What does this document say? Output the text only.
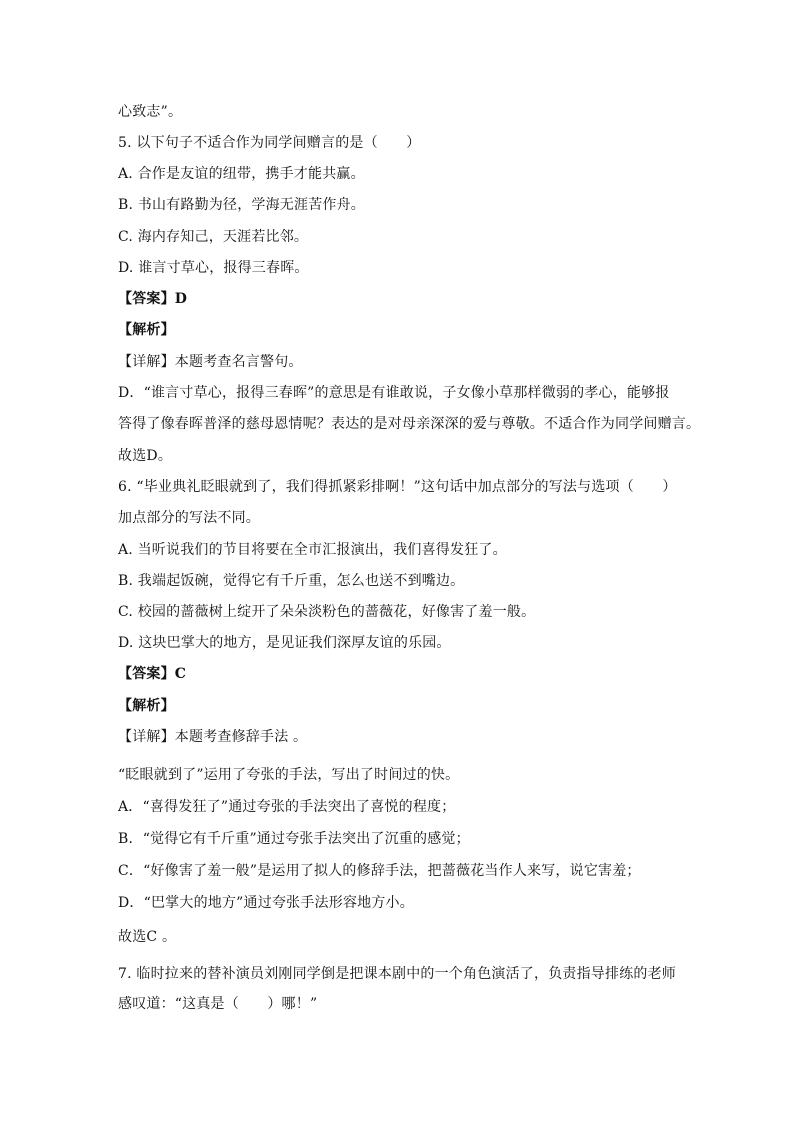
心致志”。
5. 以下句子不适合作为同学间赠言的是（　　）
A. 合作是友谊的纽带，携手才能共赢。
B. 书山有路勤为径，学海无涯苦作舟。
C. 海内存知己，天涯若比邻。
D. 谁言寸草心，报得三春晖。
【答案】D
【解析】
【详解】本题考查名言警句。
D．“谁言寸草心，报得三春晖”的意思是有谁敢说，子女像小草那样微弱的孝心，能够报
答得了像春晖普泽的慈母恩情呢？表达的是对母亲深深的爱与尊敬。不适合作为同学间赠言。
故选D。
6. “毕业典礼眨眼就到了，我们得抓紧彩排啊！”这句话中加点部分的写法与选项（　　）
加点部分的写法不同。
A. 当听说我们的节目将要在全市汇报演出，我们喜得发狂了。
B. 我端起饭碗，觉得它有千斤重，怎么也送不到嘴边。
C. 校园的蔷薇树上绽开了朵朵淡粉色的蔷薇花，好像害了羞一般。
D. 这块巴掌大的地方，是见证我们深厚友谊的乐园。
【答案】C
【解析】
【详解】本题考查修辞手法 。
“眨眼就到了”运用了夸张的手法，写出了时间过的快。
A．“喜得发狂了”通过夸张的手法突出了喜悦的程度；
B．“觉得它有千斤重”通过夸张手法突出了沉重的感觉；
C．“好像害了羞一般”是运用了拟人的修辞手法，把蔷薇花当作人来写，说它害羞；
D．“巴掌大的地方”通过夸张手法形容地方小。
故选C 。
7. 临时拉来的替补演员刘刚同学倒是把课本剧中的一个角色演活了，负责指导排练的老师
感叹道：“这真是（　　）哪！”
